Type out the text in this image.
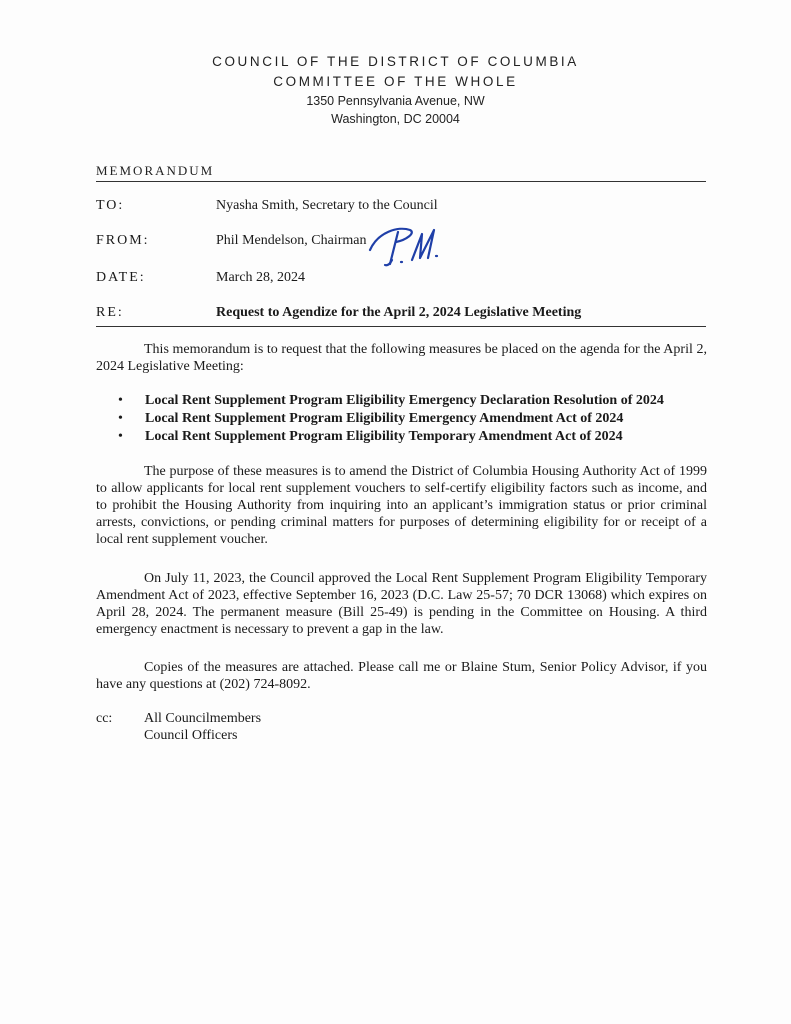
COUNCIL OF THE DISTRICT OF COLUMBIA
COMMITTEE OF THE WHOLE
1350 Pennsylvania Avenue, NW
Washington, DC 20004
MEMORANDUM
TO:	Nyasha Smith, Secretary to the Council
FROM:	Phil Mendelson, Chairman
DATE:	March 28, 2024
RE:	Request to Agendize for the April 2, 2024 Legislative Meeting

This memorandum is to request that the following measures be placed on the agenda for the April 2, 2024 Legislative Meeting:

• Local Rent Supplement Program Eligibility Emergency Declaration Resolution of 2024
• Local Rent Supplement Program Eligibility Emergency Amendment Act of 2024
• Local Rent Supplement Program Eligibility Temporary Amendment Act of 2024

The purpose of these measures is to amend the District of Columbia Housing Authority Act of 1999 to allow applicants for local rent supplement vouchers to self-certify eligibility factors such as income, and to prohibit the Housing Authority from inquiring into an applicant’s immigration status or prior criminal arrests, convictions, or pending criminal matters for purposes of determining eligibility for or receipt of a local rent supplement voucher.

On July 11, 2023, the Council approved the Local Rent Supplement Program Eligibility Temporary Amendment Act of 2023, effective September 16, 2023 (D.C. Law 25-57; 70 DCR 13068) which expires on April 28, 2024. The permanent measure (Bill 25-49) is pending in the Committee on Housing. A third emergency enactment is necessary to prevent a gap in the law.

Copies of the measures are attached. Please call me or Blaine Stum, Senior Policy Advisor, if you have any questions at (202) 724-8092.

cc: All Councilmembers
Council Officers
